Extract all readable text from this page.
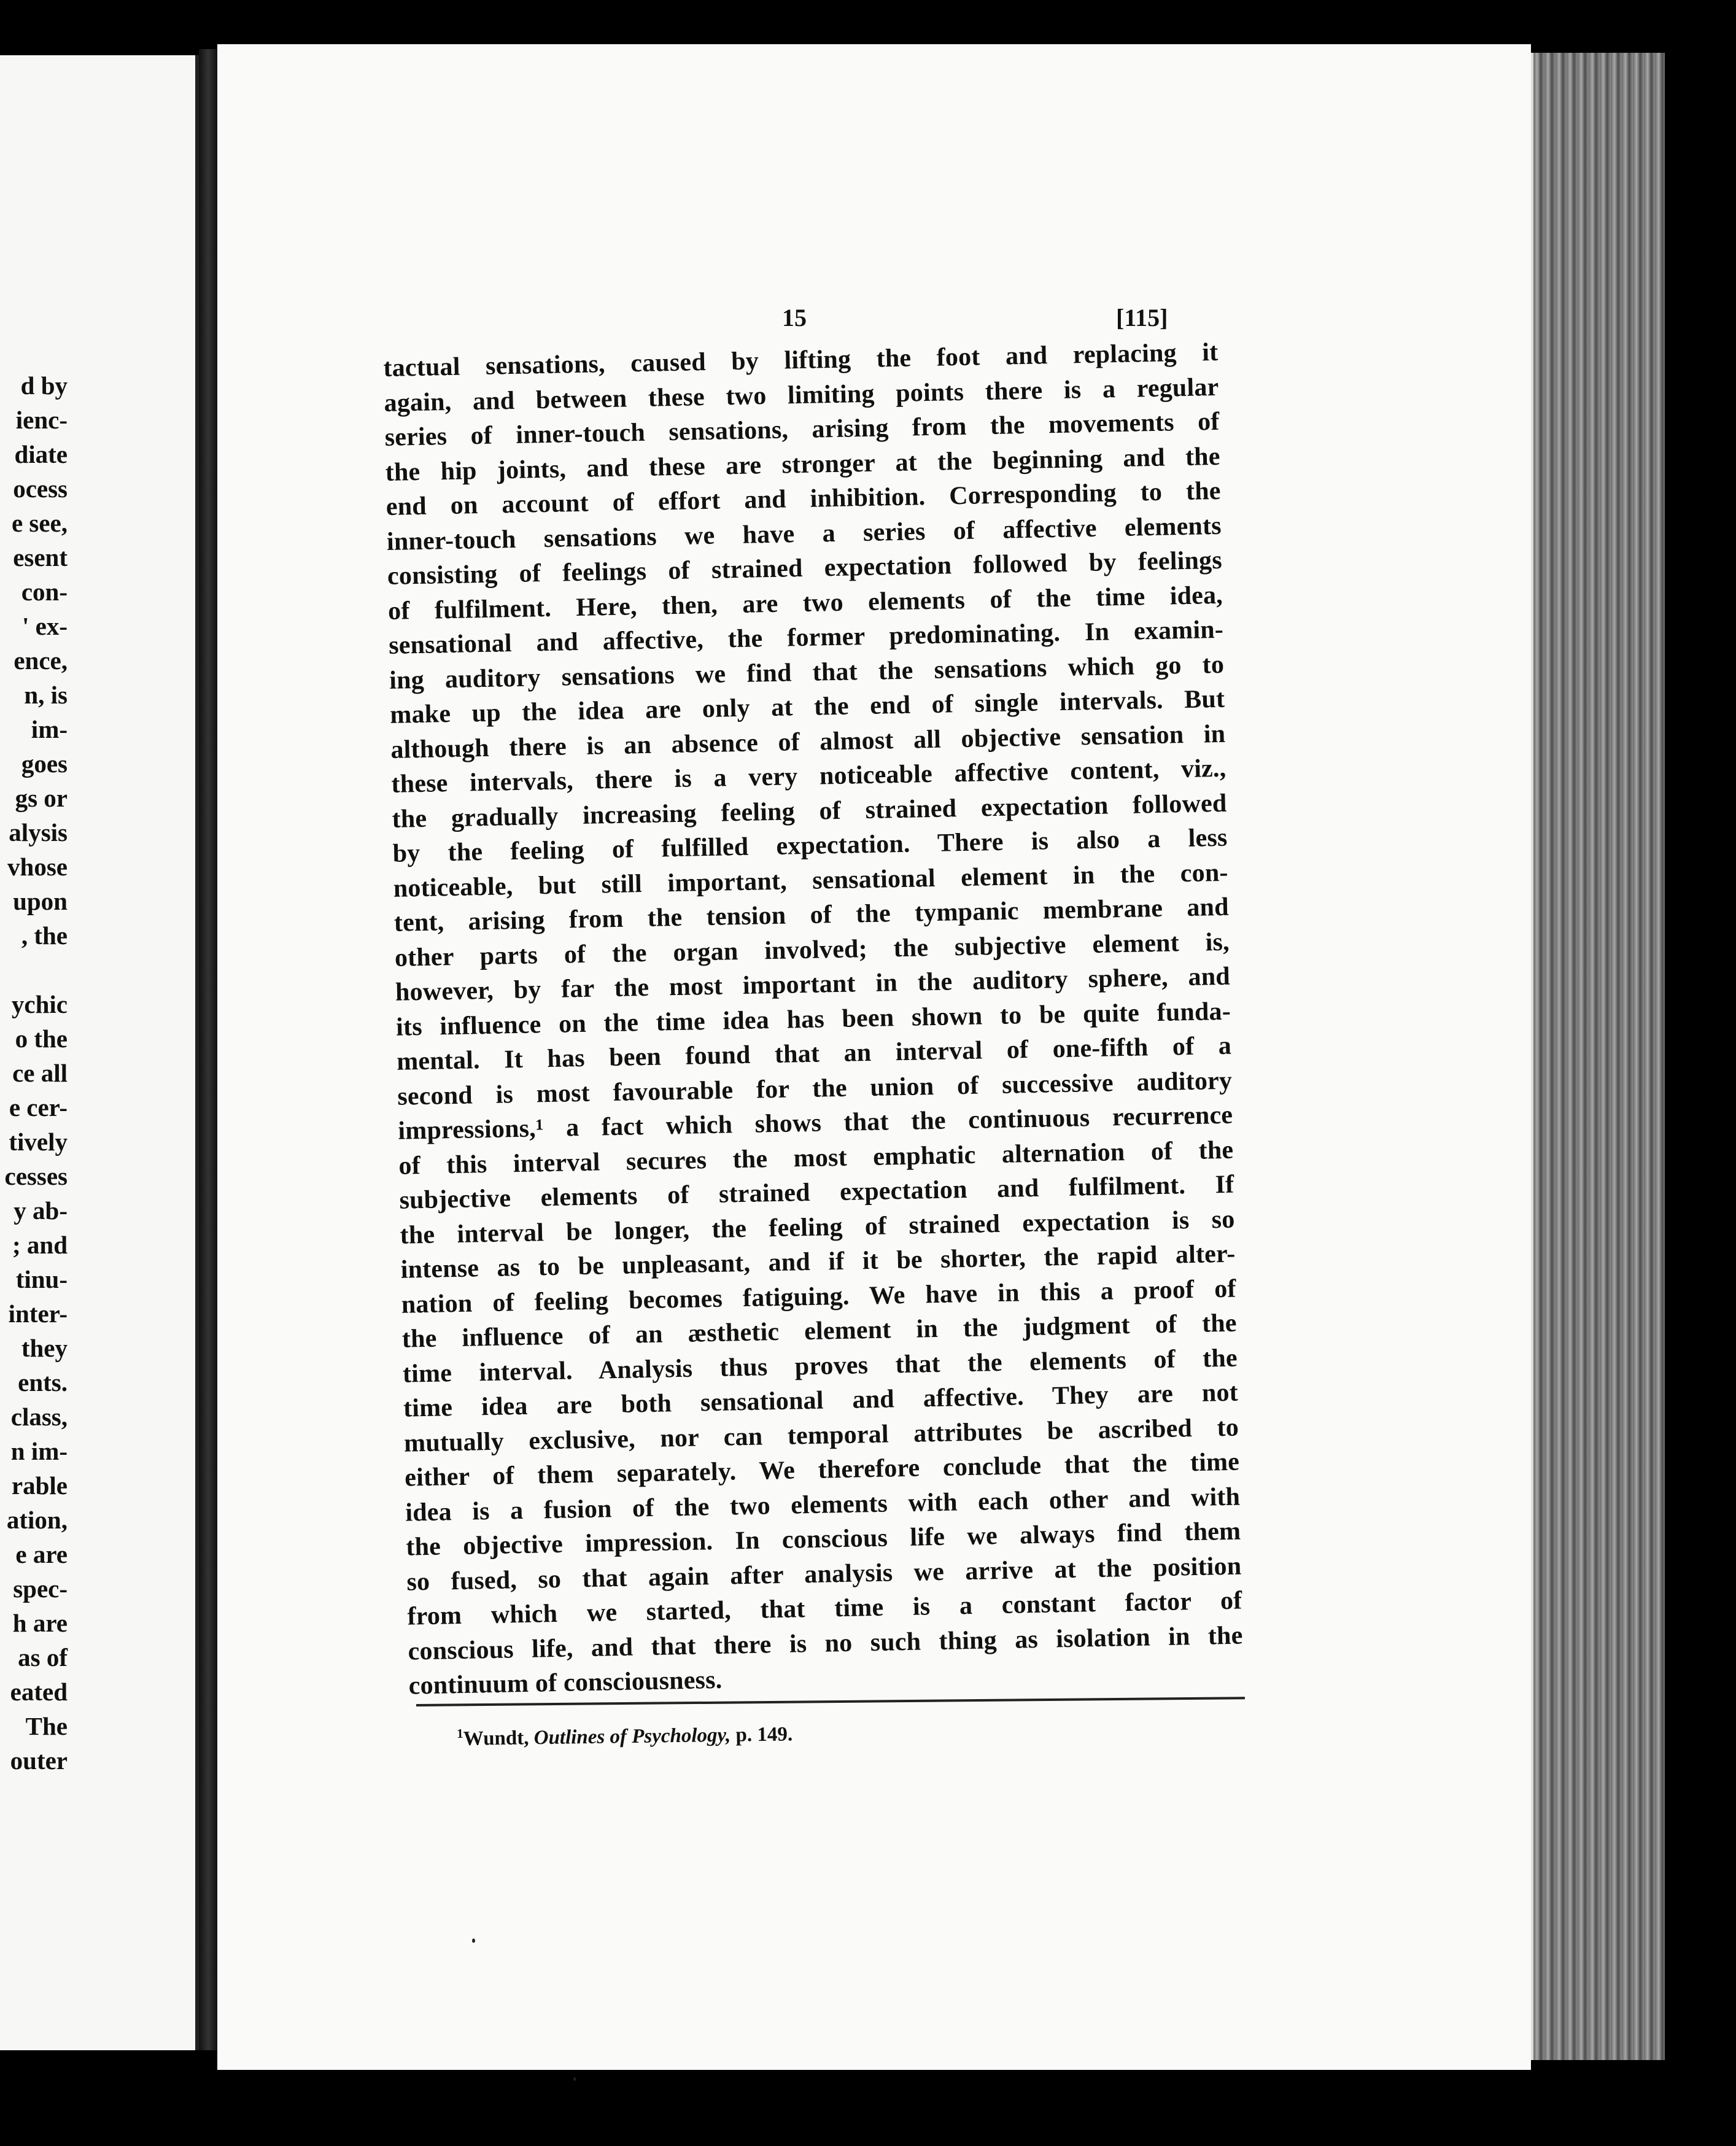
d by
ienc-
diate
ocess
e see,
esent
con-
' ex-
ence,
n, is
im-
goes
gs or
alysis
vhose
upon
, the
ychic
o the
ce all
e cer-
tively
cesses
y ab-
; and
tinu-
inter-
they
ents.
class,
n im-
rable
ation,
e are
spec-
h are
as of
eated
The
outer
15	[115]
tactual sensations, caused by lifting the foot and replacing it
again, and between these two limiting points there is a regular
series of inner-touch sensations, arising from the movements of
the hip joints, and these are stronger at the beginning and the
end on account of effort and inhibition. Corresponding to the
inner-touch sensations we have a series of affective elements
consisting of feelings of strained expectation followed by feelings
of fulfilment. Here, then, are two elements of the time idea,
sensational and affective, the former predominating. In examin-
ing auditory sensations we find that the sensations which go to
make up the idea are only at the end of single intervals. But
although there is an absence of almost all objective sensation in
these intervals, there is a very noticeable affective content, viz.,
the gradually increasing feeling of strained expectation followed
by the feeling of fulfilled expectation. There is also a less
noticeable, but still important, sensational element in the con-
tent, arising from the tension of the tympanic membrane and
other parts of the organ involved; the subjective element is,
however, by far the most important in the auditory sphere, and
its influence on the time idea has been shown to be quite funda-
mental. It has been found that an interval of one-fifth of a
second is most favourable for the union of successive auditory
impressions,¹ a fact which shows that the continuous recurrence
of this interval secures the most emphatic alternation of the
subjective elements of strained expectation and fulfilment. If
the interval be longer, the feeling of strained expectation is so
intense as to be unpleasant, and if it be shorter, the rapid alter-
nation of feeling becomes fatiguing. We have in this a proof of
the influence of an æsthetic element in the judgment of the
time interval. Analysis thus proves that the elements of the
time idea are both sensational and affective. They are not
mutually exclusive, nor can temporal attributes be ascribed to
either of them separately. We therefore conclude that the time
idea is a fusion of the two elements with each other and with
the objective impression. In conscious life we always find them
so fused, so that again after analysis we arrive at the position
from which we started, that time is a constant factor of
conscious life, and that there is no such thing as isolation in the
continuum of consciousness.
$^1$Wundt, Outlines of Psychology, p. 149.
